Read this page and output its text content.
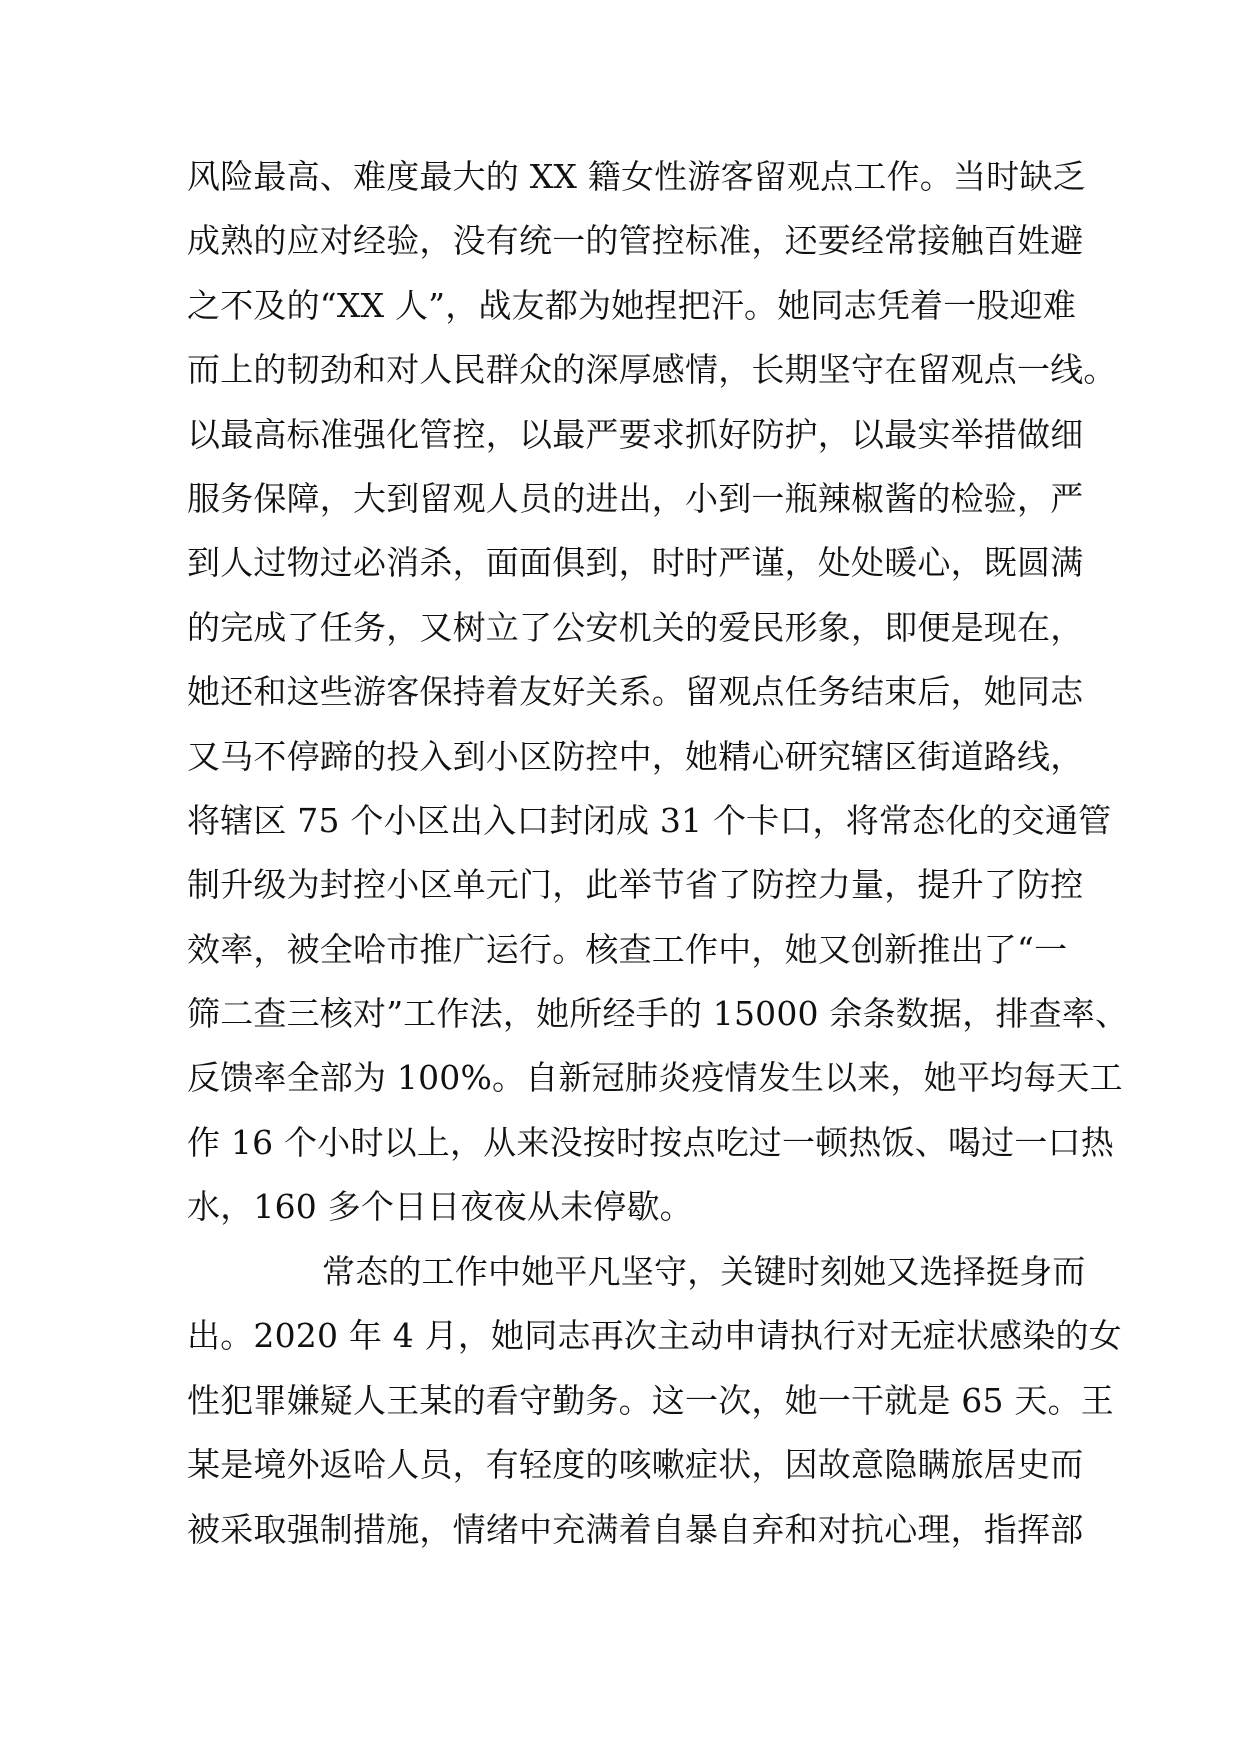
风险最高、难度最大的 XX 籍女性游客留观点工作。当时缺乏
成熟的应对经验，没有统一的管控标准，还要经常接触百姓避
之不及的“XX 人”，战友都为她捏把汗。她同志凭着一股迎难
而上的韧劲和对人民群众的深厚感情，长期坚守在留观点一线。
以最高标准强化管控，以最严要求抓好防护，以最实举措做细
服务保障，大到留观人员的进出，小到一瓶辣椒酱的检验，严
到人过物过必消杀，面面俱到，时时严谨，处处暖心，既圆满
的完成了任务，又树立了公安机关的爱民形象，即便是现在，
她还和这些游客保持着友好关系。留观点任务结束后，她同志
又马不停蹄的投入到小区防控中，她精心研究辖区街道路线，
将辖区 75 个小区出入口封闭成 31 个卡口，将常态化的交通管
制升级为封控小区单元门，此举节省了防控力量，提升了防控
效率，被全哈市推广运行。核查工作中，她又创新推出了“一
筛二查三核对”工作法，她所经手的 15000 余条数据，排查率、
反馈率全部为 100%。自新冠肺炎疫情发生以来，她平均每天工
作 16 个小时以上，从来没按时按点吃过一顿热饭、喝过一口热
水，160 多个日日夜夜从未停歇。
常态的工作中她平凡坚守，关键时刻她又选择挺身而
出。2020 年 4 月，她同志再次主动申请执行对无症状感染的女
性犯罪嫌疑人王某的看守勤务。这一次，她一干就是 65 天。王
某是境外返哈人员，有轻度的咳嗽症状，因故意隐瞒旅居史而
被采取强制措施，情绪中充满着自暴自弃和对抗心理，指挥部
